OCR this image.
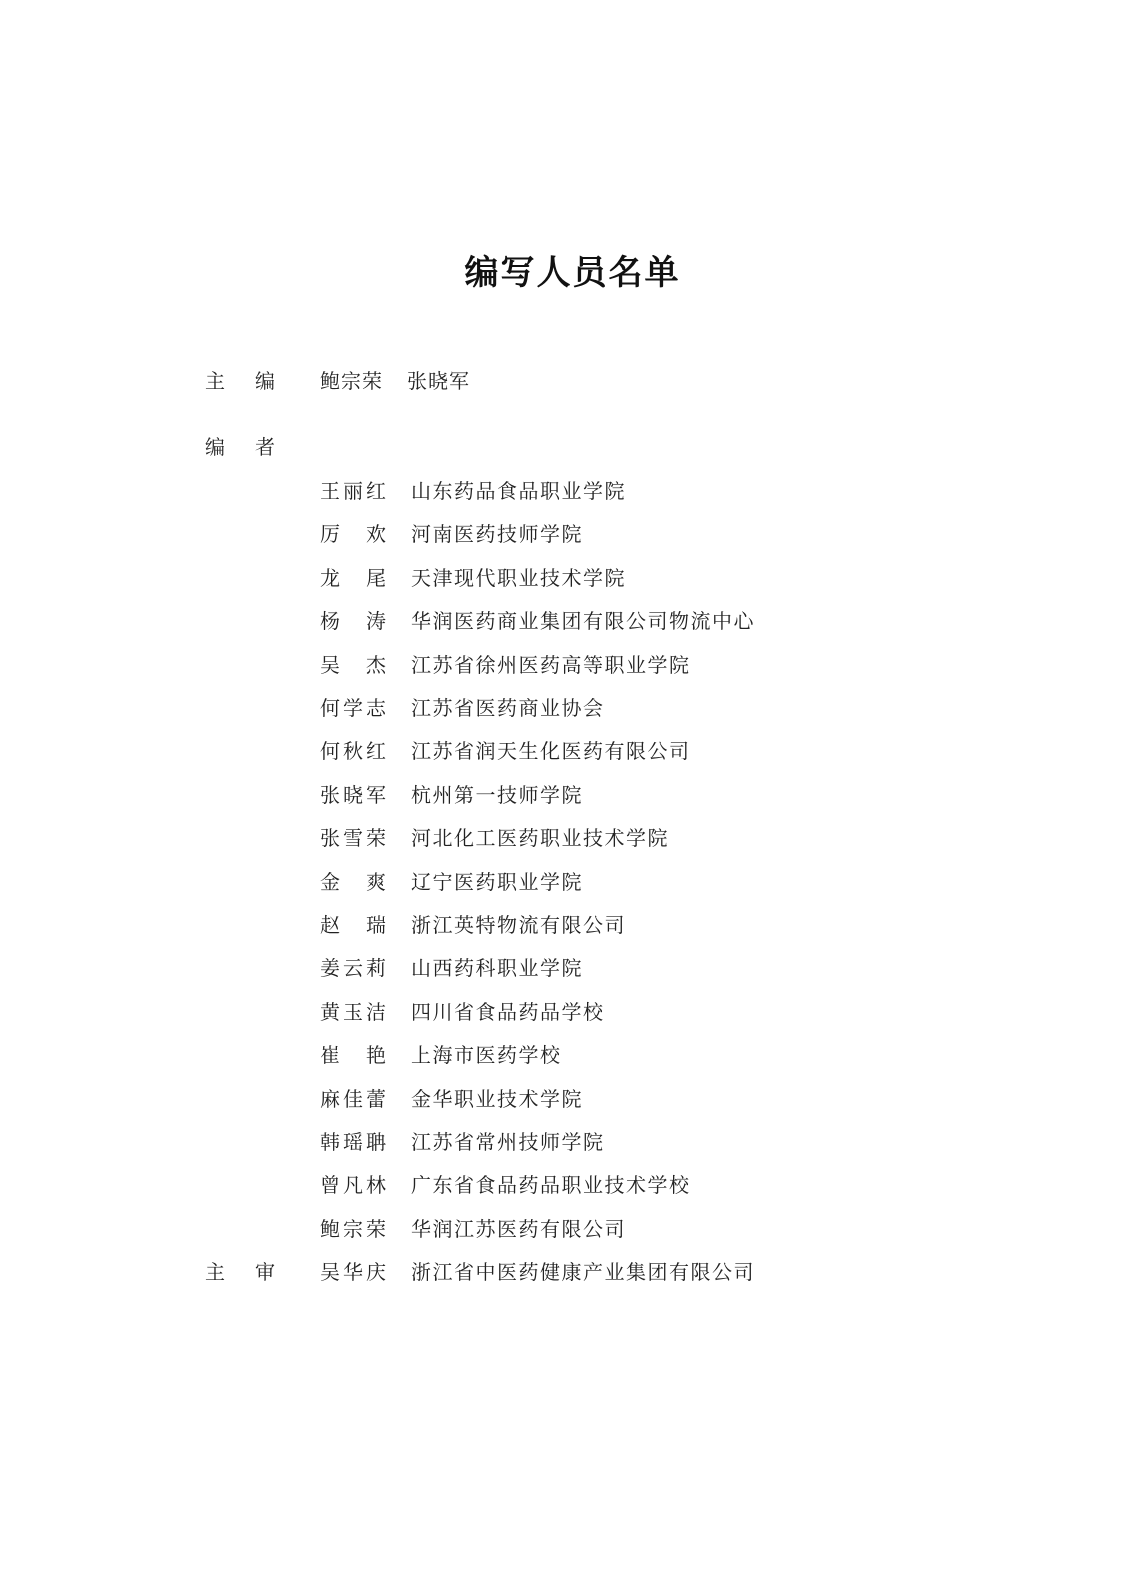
编写人员名单
主编 鲍宗荣 张晓军
编者
王丽红 山东药品食品职业学院
厉欢 河南医药技师学院
龙尾 天津现代职业技术学院
杨涛 华润医药商业集团有限公司物流中心
吴杰 江苏省徐州医药高等职业学院
何学志 江苏省医药商业协会
何秋红 江苏省润天生化医药有限公司
张晓军 杭州第一技师学院
张雪荣 河北化工医药职业技术学院
金爽 辽宁医药职业学院
赵瑞 浙江英特物流有限公司
姜云莉 山西药科职业学院
黄玉洁 四川省食品药品学校
崔艳 上海市医药学校
麻佳蕾 金华职业技术学院
韩瑶聃 江苏省常州技师学院
曾凡林 广东省食品药品职业技术学校
鲍宗荣 华润江苏医药有限公司
主审 吴华庆 浙江省中医药健康产业集团有限公司
